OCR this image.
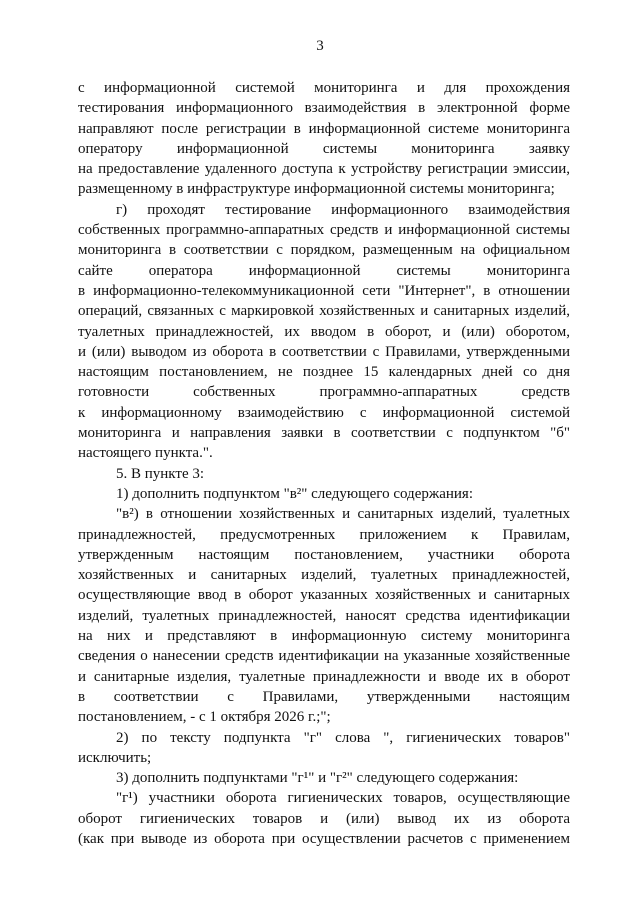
3
с информационной системой мониторинга и для прохождения
тестирования информационного взаимодействия в электронной форме
направляют после регистрации в информационной системе мониторинга
оператору информационной системы мониторинга заявку
на предоставление удаленного доступа к устройству регистрации эмиссии,
размещенному в инфраструктуре информационной системы мониторинга;
г) проходят тестирование информационного взаимодействия
собственных программно-аппаратных средств и информационной системы
мониторинга в соответствии с порядком, размещенным на официальном
сайте оператора информационной системы мониторинга
в информационно-телекоммуникационной сети "Интернет", в отношении
операций, связанных с маркировкой хозяйственных и санитарных изделий,
туалетных принадлежностей, их вводом в оборот, и (или) оборотом,
и (или) выводом из оборота в соответствии с Правилами, утвержденными
настоящим постановлением, не позднее 15 календарных дней со дня
готовности собственных программно-аппаратных средств
к информационному взаимодействию с информационной системой
мониторинга и направления заявки в соответствии с подпунктом "б"
настоящего пункта.".
5. В пункте 3:
1) дополнить подпунктом "в²" следующего содержания:
"в²) в отношении хозяйственных и санитарных изделий, туалетных
принадлежностей, предусмотренных приложением к Правилам,
утвержденным настоящим постановлением, участники оборота
хозяйственных и санитарных изделий, туалетных принадлежностей,
осуществляющие ввод в оборот указанных хозяйственных и санитарных
изделий, туалетных принадлежностей, наносят средства идентификации
на них и представляют в информационную систему мониторинга
сведения о нанесении средств идентификации на указанные хозяйственные
и санитарные изделия, туалетные принадлежности и вводе их в оборот
в соответствии с Правилами, утвержденными настоящим
постановлением, - с 1 октября 2026 г.;";
2) по тексту подпункта "г" слова ", гигиенических товаров"
исключить;
3) дополнить подпунктами "г¹" и "г²" следующего содержания:
"г¹) участники оборота гигиенических товаров, осуществляющие
оборот гигиенических товаров и (или) вывод их из оборота
(как при выводе из оборота при осуществлении расчетов с применением
